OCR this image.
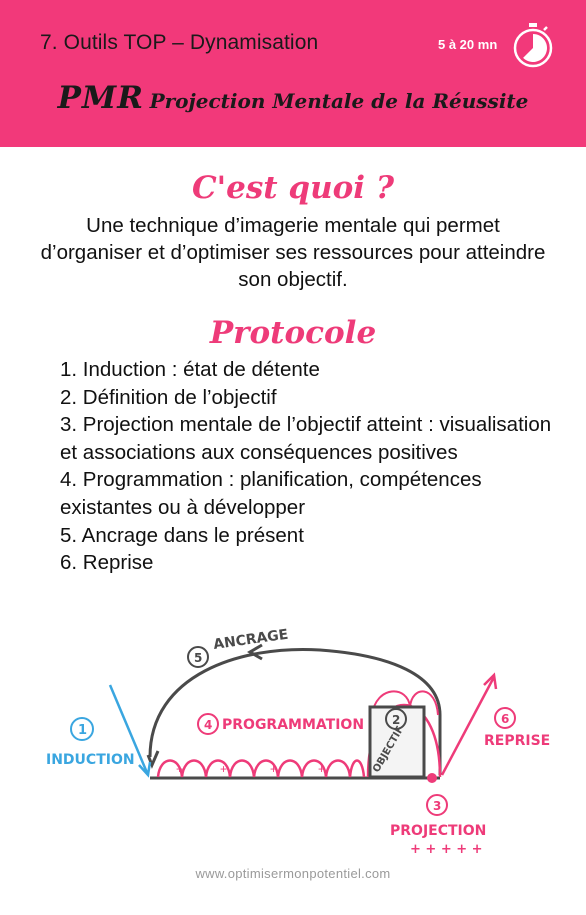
7. Outils TOP – Dynamisation	5 à 20 mn
PMR Projection Mentale de la Réussite
C'est quoi ?
Une technique d’imagerie mentale qui permet d’organiser et d’optimiser ses ressources pour atteindre son objectif.
Protocole
1. Induction : état de détente
2. Définition de l’objectif
3. Projection mentale de l’objectif atteint : visualisation et associations aux conséquences positives
4. Programmation : planification, compétences existantes ou à développer
5. Ancrage dans le présent
6. Reprise
1
INDUCTION
+	+	+	+
4 PROGRAMMATION 2
OBJECTIF
6
REPRISE
3
PROJECTION
+ + + + +
5
ANCRAGE
www.optimisermonpotentiel.com
